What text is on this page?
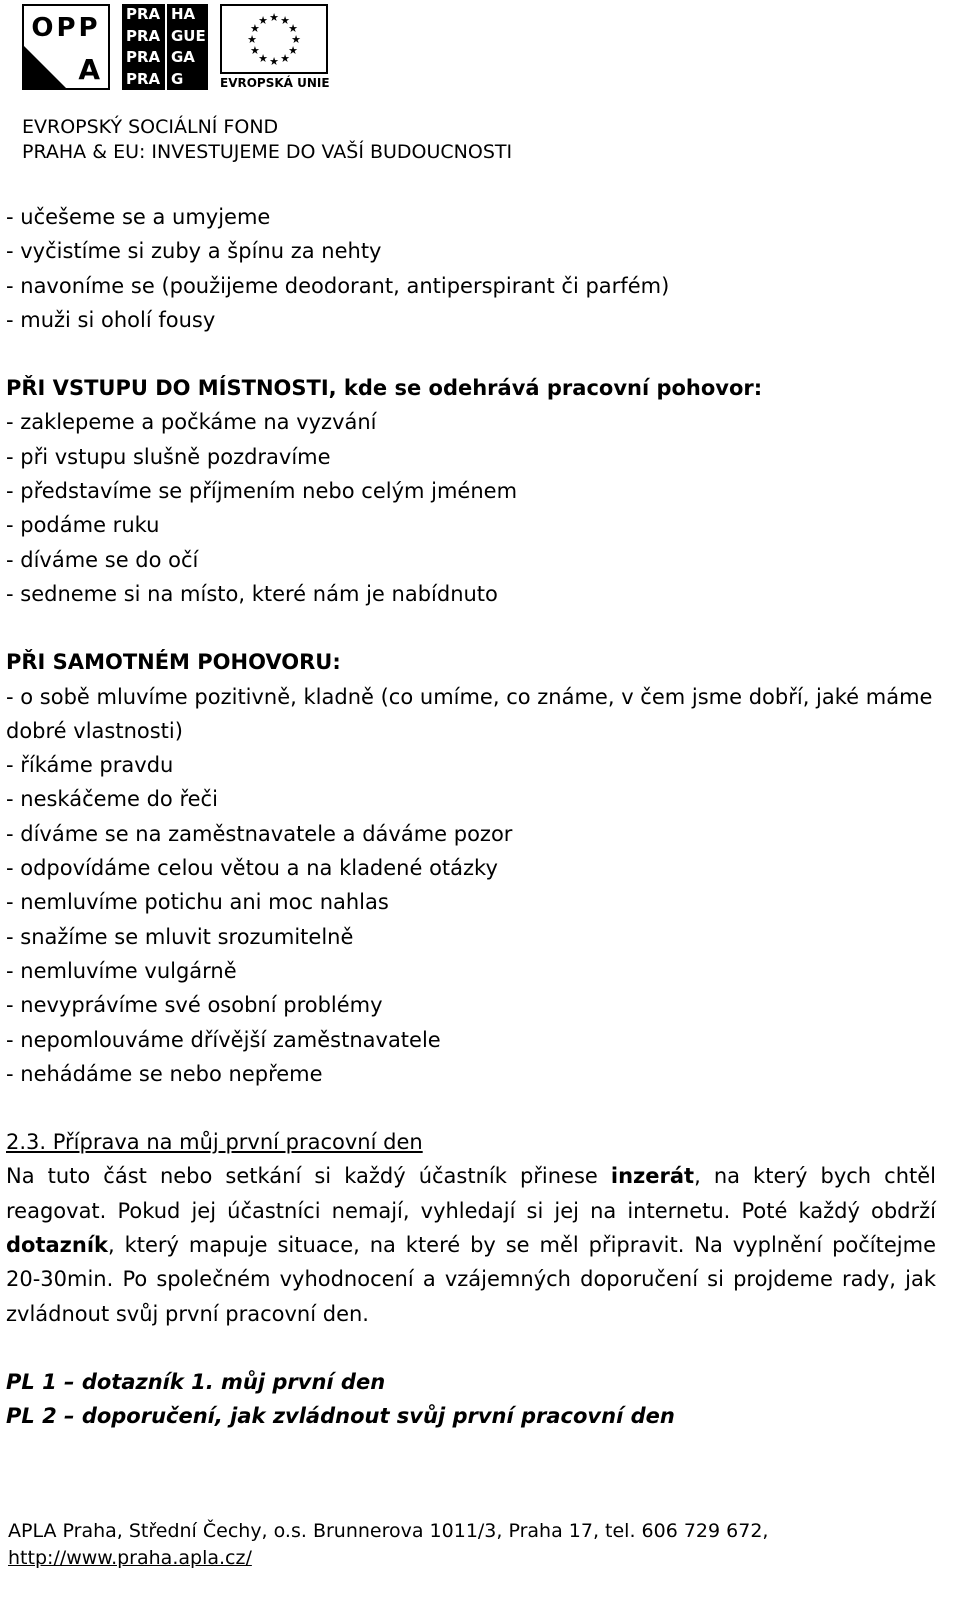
OPP
A
PRA HA
PRA GUE
PRA GA
PRA G
★ ★
★
★
★
★
★
★
★
★
★
★
EVROPSKÁ UNIE
EVROPSKÝ SOCIÁLNÍ FOND
PRAHA & EU: INVESTUJEME DO VAŠÍ BUDOUCNOSTI

- učešeme se a umyjeme

- vyčistíme si zuby a špínu za nehty

- navoníme se (použijeme deodorant, antiperspirant či parfém)

- muži si oholí fousy

PŘI VSTUPU DO MÍSTNOSTI, kde se odehrává pracovní pohovor:

- zaklepeme a počkáme na vyzvání

- při vstupu slušně pozdravíme

- představíme se příjmením nebo celým jménem

- podáme ruku

- díváme se do očí

- sedneme si na místo, které nám je nabídnuto

PŘI SAMOTNÉM POHOVORU:

- o sobě mluvíme pozitivně, kladně (co umíme, co známe, v čem jsme dobří, jaké máme dobré vlastnosti)

- říkáme pravdu

- neskáčeme do řeči

- díváme se na zaměstnavatele a dáváme pozor

- odpovídáme celou větou a na kladené otázky

- nemluvíme potichu ani moc nahlas

- snažíme se mluvit srozumitelně

- nemluvíme vulgárně

- nevyprávíme své osobní problémy

- nepomlouváme dřívější zaměstnavatele

- nehádáme se nebo nepřeme

2.3. Příprava na můj první pracovní den

Na tuto část nebo setkání si každý účastník přinese inzerát, na který bych chtěl reagovat. Pokud jej účastníci nemají, vyhledají si jej na internetu. Poté každý obdrží dotazník, který mapuje situace, na které by se měl připravit. Na vyplnění počítejme 20-30min. Po společném vyhodnocení a vzájemných doporučení si projdeme rady, jak zvládnout svůj první pracovní den.

PL 1 – dotazník 1. můj první den

PL 2 – doporučení, jak zvládnout svůj první pracovní den

APLA Praha, Střední Čechy, o.s. Brunnerova 1011/3, Praha 17, tel. 606 729 672,
http://www.praha.apla.cz/
